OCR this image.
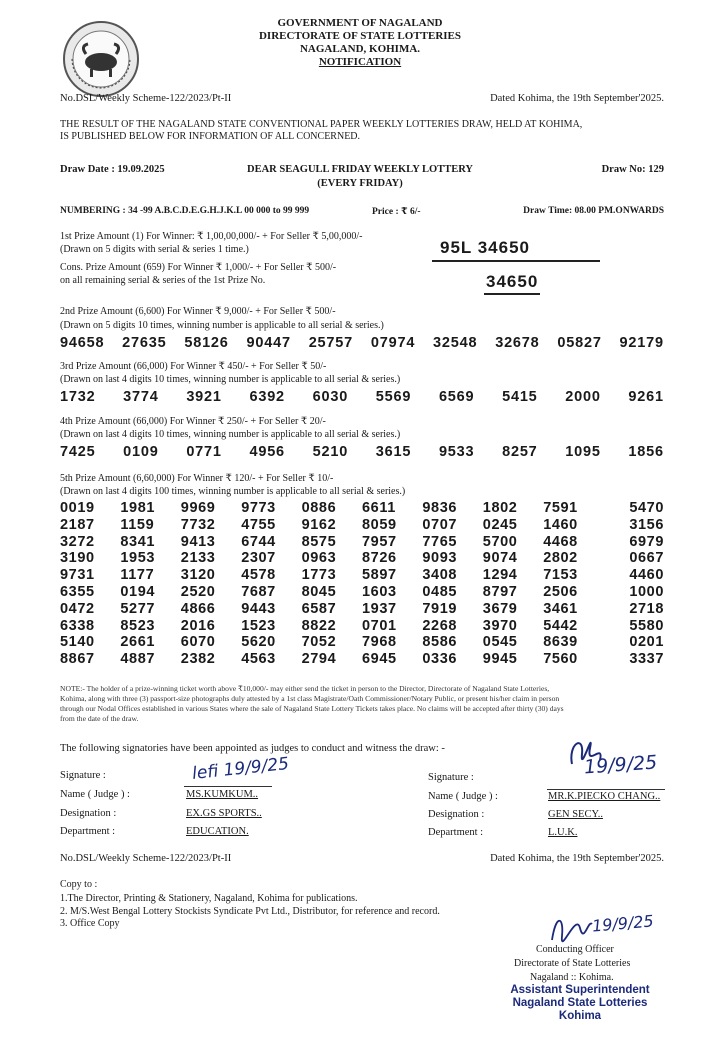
GOVERNMENT OF NAGALAND
DIRECTORATE OF STATE LOTTERIES
NAGALAND, KOHIMA.
NOTIFICATION
No.DSL/Weekly Scheme-122/2023/Pt-II	Dated Kohima, the 19th September'2025.
THE RESULT OF THE NAGALAND STATE CONVENTIONAL PAPER WEEKLY LOTTERIES DRAW, HELD AT KOHIMA,
IS PUBLISHED BELOW FOR INFORMATION OF ALL CONCERNED.
Draw Date : 19.09.2025	DEAR SEAGULL FRIDAY WEEKLY LOTTERY
(EVERY FRIDAY)
Draw No: 129
NUMBERING : 34 -99 A.B.C.D.E.G.H.J.K.L 00 000 to 99 999	Price : ₹ 6/-	Draw Time: 08.00 PM.ONWARDS
1st Prize Amount (1) For Winner: ₹ 1,00,00,000/- + For Seller ₹ 5,00,000/-
(Drawn on 5 digits with serial & series 1 time.)	95L 34650
Cons. Prize Amount (659) For Winner ₹ 1,000/- + For Seller ₹ 500/-
on all remaining serial & series of the 1st Prize No.	34650
2nd Prize Amount (6,600) For Winner ₹ 9,000/- + For Seller ₹ 500/-
(Drawn on 5 digits 10 times, winning number is applicable to all serial & series.)
94658 27635 58126 90447 25757 07974 32548 32678 05827 92179
3rd Prize Amount (66,000) For Winner ₹ 450/- + For Seller ₹ 50/-
(Drawn on last 4 digits 10 times, winning number is applicable to all serial & series.)
1732 3774 3921 6392 6030 5569 6569 5415 2000 9261
4th Prize Amount (66,000) For Winner ₹ 250/- + For Seller ₹ 20/-
(Drawn on last 4 digits 10 times, winning number is applicable to all serial & series.)
7425 0109 0771 4956 5210 3615 9533 8257 1095 1856
5th Prize Amount (6,60,000) For Winner ₹ 120/- + For Seller ₹ 10/-
(Drawn on last 4 digits 100 times, winning number is applicable to all serial & series.)
0019	1981	9969	9773	0886	6611	9836	1802	7591	5470
2187	1159	7732	4755	9162	8059	0707	0245	1460	3156
3272	8341	9413	6744	8575	7957	7765	5700	4468	6979
3190	1953	2133	2307	0963	8726	9093	9074	2802	0667
9731	1177	3120	4578	1773	5897	3408	1294	7153	4460
6355	0194	2520	7687	8045	1603	0485	8797	2506	1000
0472	5277	4866	9443	6587	1937	7919	3679	3461	2718
6338	8523	2016	1523	8822	0701	2268	3970	5442	5580
5140	2661	6070	5620	7052	7968	8586	0545	8639	0201
8867	4887	2382	4563	2794	6945	0336	9945	7560	3337
NOTE:- The holder of a prize-winning ticket worth above ₹10,000/- may either send the ticket in person to the Director, Directorate of Nagaland State Lotteries,
Kohima, along with three (3) passport-size photographs duly attested by a 1st class Magistrate/Oath Commissioner/Notary Public, or present his/her claim in person
through our Nodal Offices established in various States where the sale of Nagaland State Lottery Tickets takes place. No claims will be accepted after thirty (30) days
from the date of the draw.
The following signatories have been appointed as judges to conduct and witness the draw: -
Signature :	lefi 19/9/25
Name ( Judge ) :	MS.KUMKUM..
Designation :	EX.GS SPORTS..
Department :	EDUCATION.
Signature :	19/9/25
Name ( Judge ) :	MR.K.PIECKO CHANG..
Designation :	GEN SECY..
Department :	L.U.K.
No.DSL/Weekly Scheme-122/2023/Pt-II	Dated Kohima, the 19th September'2025.
Copy to :
1.The Director, Printing & Stationery, Nagaland, Kohima for publications.
2. M/S.West Bengal Lottery Stockists Syndicate Pvt Ltd., Distributor, for reference and record.
3. Office Copy	19/9/25
Conducting Officer
Directorate of State Lotteries
Nagaland :: Kohima.
Assistant Superintendent
Nagaland State Lotteries
Kohima
